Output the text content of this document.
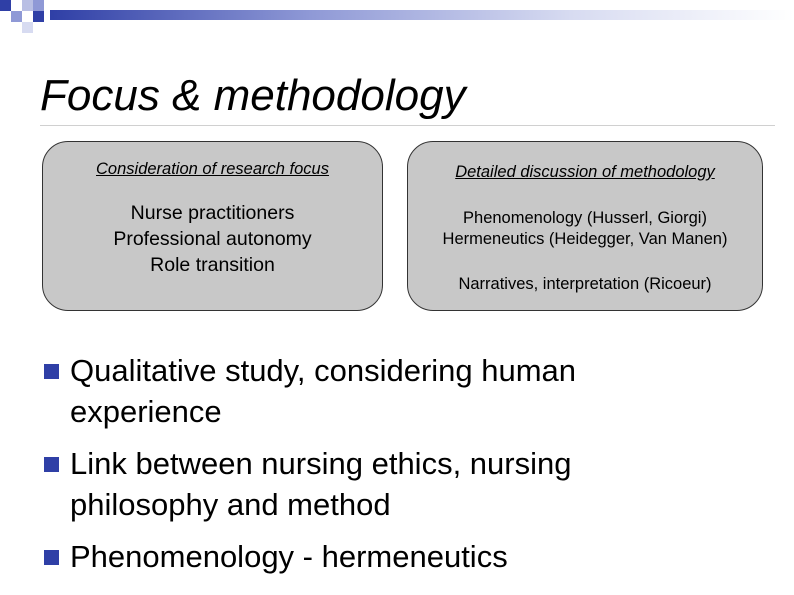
Focus & methodology
Consideration of research focus
Nurse practitioners
Professional autonomy
Role transition
Detailed discussion of methodology
Phenomenology (Husserl, Giorgi)
Hermeneutics (Heidegger, Van Manen)
Narratives, interpretation (Ricoeur)
Qualitative study, considering human
experience
Link between nursing ethics, nursing
philosophy and method
Phenomenology - hermeneutics
